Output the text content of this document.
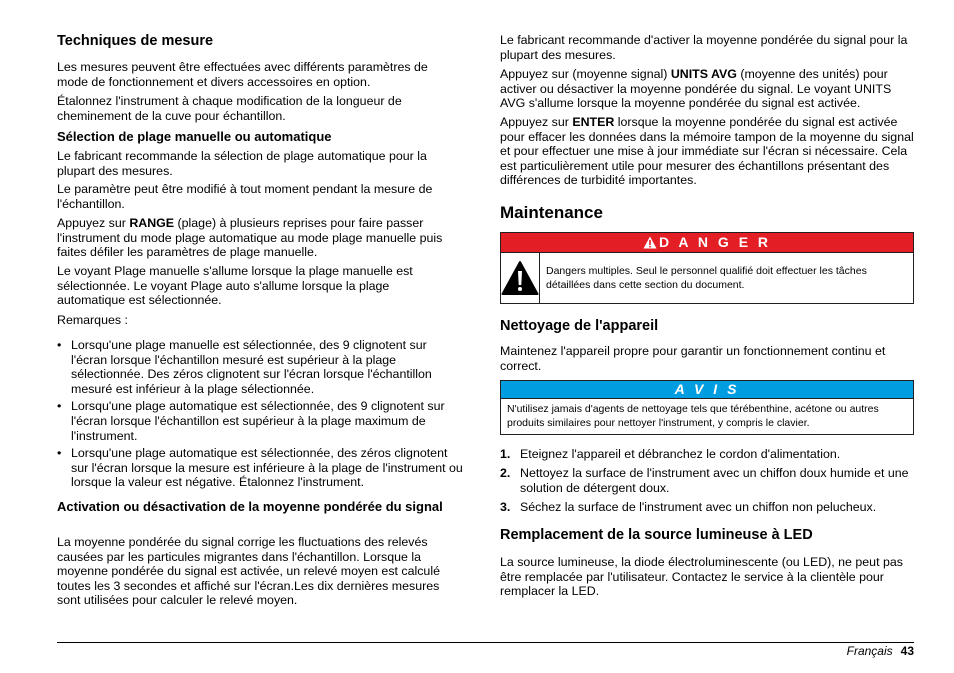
Techniques de mesure

Les mesures peuvent être effectuées avec différents paramètres de mode de fonctionnement et divers accessoires en option.

Étalonnez l'instrument à chaque modification de la longueur de cheminement de la cuve pour échantillon.

Sélection de plage manuelle ou automatique

Le fabricant recommande la sélection de plage automatique pour la plupart des mesures.

Le paramètre peut être modifié à tout moment pendant la mesure de l'échantillon.

Appuyez sur RANGE (plage) à plusieurs reprises pour faire passer l'instrument du mode plage automatique au mode plage manuelle puis faites défiler les paramètres de plage manuelle.

Le voyant Plage manuelle s'allume lorsque la plage manuelle est sélectionnée. Le voyant Plage auto s'allume lorsque la plage automatique est sélectionnée.

Remarques :

• Lorsqu'une plage manuelle est sélectionnée, des 9 clignotent sur l'écran lorsque l'échantillon mesuré est supérieur à la plage sélectionnée. Des zéros clignotent sur l'écran lorsque l'échantillon mesuré est inférieur à la plage sélectionnée.
• Lorsqu'une plage automatique est sélectionnée, des 9 clignotent sur l'écran lorsque l'échantillon est supérieur à la plage maximum de l'instrument.
• Lorsqu'une plage automatique est sélectionnée, des zéros clignotent sur l'écran lorsque la mesure est inférieure à la plage de l'instrument ou lorsque la valeur est négative. Étalonnez l'instrument.
Activation ou désactivation de la moyenne pondérée du signal

La moyenne pondérée du signal corrige les fluctuations des relevés causées par les particules migrantes dans l'échantillon. Lorsque la moyenne pondérée du signal est activée, un relevé moyen est calculé toutes les 3 secondes et affiché sur l'écran.Les dix dernières mesures sont utilisées pour calculer le relevé moyen.

Le fabricant recommande d'activer la moyenne pondérée du signal pour la plupart des mesures.

Appuyez sur (moyenne signal) UNITS AVG (moyenne des unités) pour activer ou désactiver la moyenne pondérée du signal. Le voyant UNITS AVG s'allume lorsque la moyenne pondérée du signal est activée.

Appuyez sur ENTER lorsque la moyenne pondérée du signal est activée pour effacer les données dans la mémoire tampon de la moyenne du signal et pour effectuer une mise à jour immédiate sur l'écran si nécessaire. Cela est particulièrement utile pour mesurer des échantillons présentant des différences de turbidité importantes.

Maintenance
D A N G E R
Dangers multiples. Seul le personnel qualifié doit effectuer les tâches détaillées dans cette section du document.
Nettoyage de l'appareil

Maintenez l'appareil propre pour garantir un fonctionnement continu et correct.

A V I S
N'utilisez jamais d'agents de nettoyage tels que térébenthine, acétone ou autres produits similaires pour nettoyer l'instrument, y compris le clavier.
1. Eteignez l'appareil et débranchez le cordon d'alimentation.
2. Nettoyez la surface de l'instrument avec un chiffon doux humide et une solution de détergent doux.
3. Séchez la surface de l'instrument avec un chiffon non pelucheux.
Remplacement de la source lumineuse à LED

La source lumineuse, la diode électroluminescente (ou LED), ne peut pas être remplacée par l'utilisateur. Contactez le service à la clientèle pour remplacer la LED.

Français 43
